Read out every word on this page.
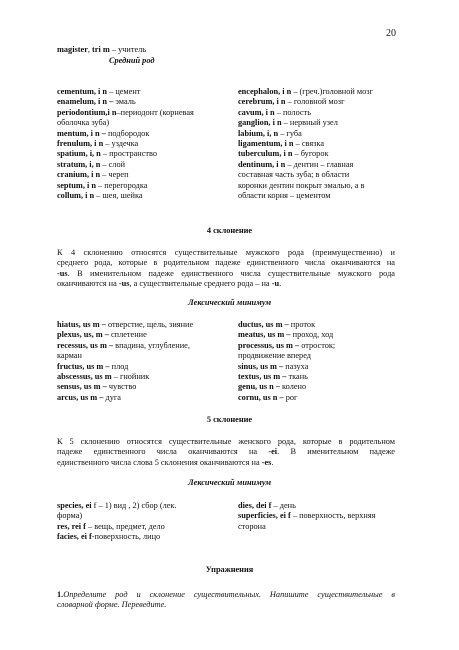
20
magister, tri m – учитель
Средний род
cementum, i n – цемент
enamelum, i n – эмаль
periodontium,i n–периодонт (корневая
оболочка зуба)
mentum, i n – подбородок
frenulum, i n – уздечка
spatium, i, n – пространство
stratum, i, n – слой
cranium, i n – череп
septum, i n – перегородка
collum, i n – шея, шейка
encephalon, i n – (греч.)головной мозг
cerebrum, i n – головной мозг
cavum, i n – полость
ganglion, i n – нервный узел
labium, i, n – губа
ligamentum, i n – связка
tuberculum, i n – бугорок
dentinum, i n – дентин – главная
составная часть зуба; в области
коронки дентин покрыт эмалью, а в
области корня – цементом
4 склонение
К 4 склонению относятся существительные мужского рода (преимущественно) и
среднего рода, которые в родительном падеже единственного числа оканчиваются на
-us. В именительном падеже единственного числа существительные мужского рода
оканчиваются на -us, а существительные среднего рода – на -u.
Лексический минимум
hiatus, us m – отверстие, щель, зияние
plexus, us, m – сплетение
recessus, us m – впадина, углубление,
карман
fructus, us m – плод
abscessus, us m – гнойник
sensus, us m – чувство
arcus, us m – дуга
ductus, us m – проток
meatus, us m – проход, ход
processus, us m – отросток;
продвижение вперед
sinus, us m – пазуха
textus, us m – ткань
genu, us n – колено
cornu, us n – рог
5 склонение
К 5 склонению относятся существительные женского рода, которые в родительном
падеже единственного числа оканчиваются на -ei. В именительном падеже
единственного числа слова 5 склонения оканчиваются на -es.
Лексический минимум
species, ei f – 1) вид , 2) сбор (лек.
форма)
res, rei f – вещь, предмет, дело
facies, ei f-поверхность, лицо
dies, dei f – день
superficies, ei f – поверхность, верхняя
сторона
Упражнения
1.Определите род и склонение существительных. Напишите существительные в
словарной форме. Переведите.
